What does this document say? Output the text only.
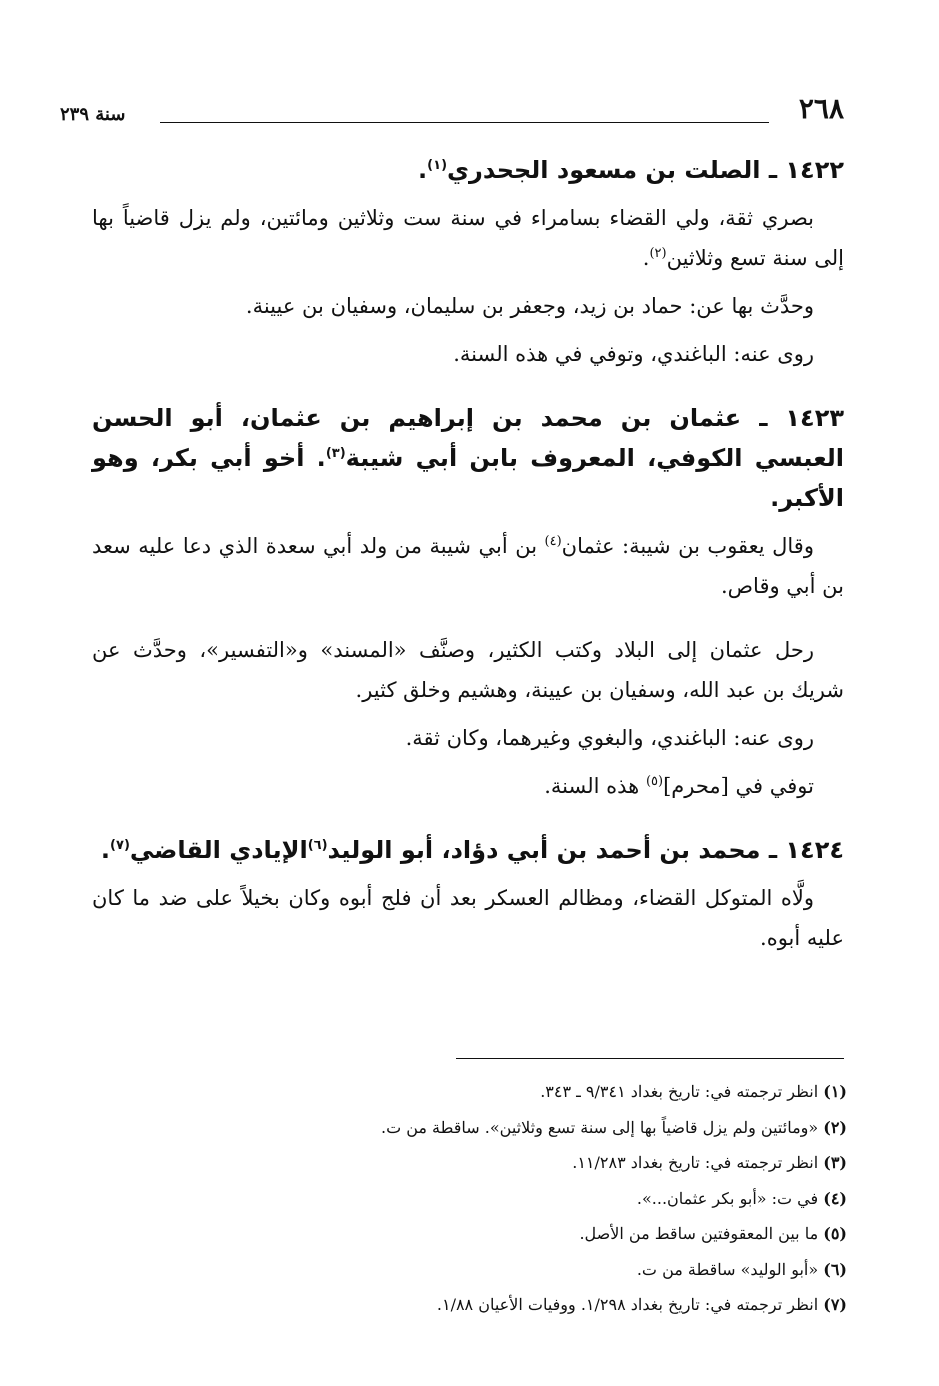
٢٦٨
سنة ٢٣٩
١٤٢٢ ـ الصلت بن مسعود الجحدري$^{(١)}$.
بصري ثقة، ولي القضاء بسامراء في سنة ست وثلاثين ومائتين، ولم يزل قاضياً بها إلى سنة تسع وثلاثين$^{(٢)}$.
وحدَّث بها عن: حماد بن زيد، وجعفر بن سليمان، وسفيان بن عيينة.
روى عنه: الباغندي، وتوفي في هذه السنة.
١٤٢٣ ـ عثمان بن محمد بن إبراهيم بن عثمان، أبو الحسن العبسي الكوفي، المعروف بابن أبي شيبة$^{(٣)}$. أخو أبي بكر، وهو الأكبر.
وقال يعقوب بن شيبة: عثمان$^{(٤)}$ بن أبي شيبة من ولد أبي سعدة الذي دعا عليه سعد بن أبي وقاص.
رحل عثمان إلى البلاد وكتب الكثير، وصنَّف «المسند» و«التفسير»، وحدَّث عن شريك بن عبد الله، وسفيان بن عيينة، وهشيم وخلق كثير.
روى عنه: الباغندي، والبغوي وغيرهما، وكان ثقة.
توفي في [محرم]$^{(٥)}$ هذه السنة.
١٤٢٤ ـ محمد بن أحمد بن أبي دؤاد، أبو الوليد$^{(٦)}$الإيادي القاضي$^{(٧)}$.
ولَّاه المتوكل القضاء، ومظالم العسكر بعد أن فلج أبوه وكان بخيلاً على ضد ما كان عليه أبوه.
(١) انظر ترجمته في: تاريخ بغداد ٩/٣٤١ ـ ٣٤٣.
(٢) «ومائتين ولم يزل قاضياً بها إلى سنة تسع وثلاثين». ساقطة من ت.
(٣) انظر ترجمته في: تاريخ بغداد ١١/٢٨٣.
(٤) في ت: «أبو بكر عثمان...».
(٥) ما بين المعقوفتين ساقط من الأصل.
(٦) «أبو الوليد» ساقطة من ت.
(٧) انظر ترجمته في: تاريخ بغداد ١/٢٩٨. ووفيات الأعيان ١/٨٨.
